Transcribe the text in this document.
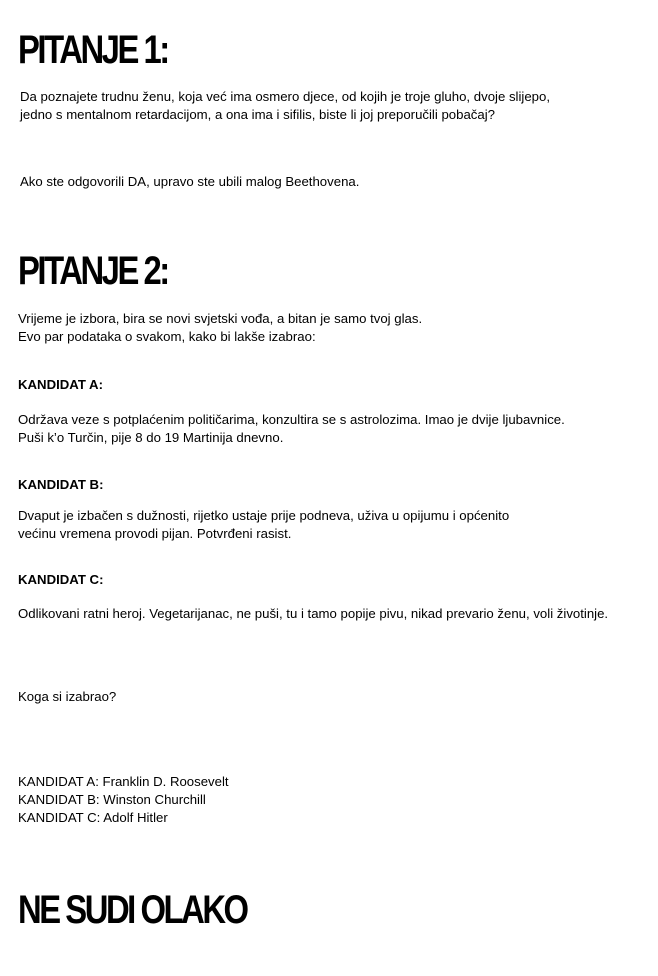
PITANJE 1:

Da poznajete trudnu ženu, koja već ima osmero djece, od kojih je troje gluho, dvoje slijepo,
jedno s mentalnom retardacijom, a ona ima i sifilis, biste li joj preporučili pobačaj?

Ako ste odgovorili DA, upravo ste ubili malog Beethovena.

PITANJE 2:

Vrijeme je izbora, bira se novi svjetski vođa, a bitan je samo tvoj glas.
Evo par podataka o svakom, kako bi lakše izabrao:

KANDIDAT A:

Održava veze s potplaćenim političarima, konzultira se s astrolozima. Imao je dvije ljubavnice.
Puši k’o Turčin, pije 8 do 19 Martinija dnevno.

KANDIDAT B:

Dvaput je izbačen s dužnosti, rijetko ustaje prije podneva, uživa u opijumu i općenito
većinu vremena provodi pijan. Potvrđeni rasist.

KANDIDAT C:

Odlikovani ratni heroj. Vegetarijanac, ne puši, tu i tamo popije pivu, nikad prevario ženu, voli životinje.

Koga si izabrao?

KANDIDAT A: Franklin D. Roosevelt
KANDIDAT B: Winston Churchill
KANDIDAT C: Adolf Hitler

NE SUDI OLAKO
